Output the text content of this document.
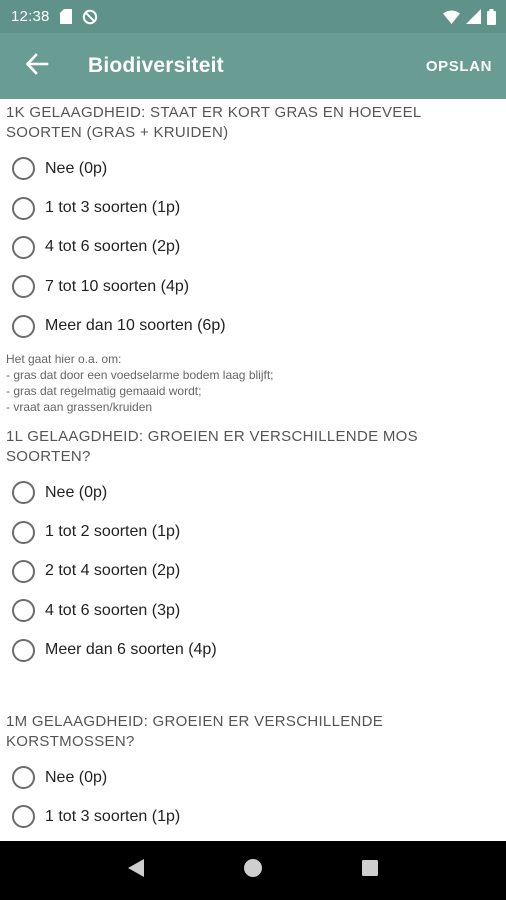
12:38
Biodiversiteit	OPSLAN
1K GELAAGDHEID: STAAT ER KORT GRAS EN HOEVEEL SOORTEN (GRAS + KRUIDEN)
Nee (0p)
1 tot 3 soorten (1p)
4 tot 6 soorten (2p)
7 tot 10 soorten (4p)
Meer dan 10 soorten (6p)
Het gaat hier o.a. om:
- gras dat door een voedselarme bodem laag blijft;
- gras dat regelmatig gemaaid wordt;
- vraat aan grassen/kruiden
1L GELAAGDHEID: GROEIEN ER VERSCHILLENDE MOS SOORTEN?
Nee (0p)
1 tot 2 soorten (1p)
2 tot 4 soorten (2p)
4 tot 6 soorten (3p)
Meer dan 6 soorten (4p)
1M GELAAGDHEID: GROEIEN ER VERSCHILLENDE KORSTMOSSEN?
Nee (0p)
1 tot 3 soorten (1p)
